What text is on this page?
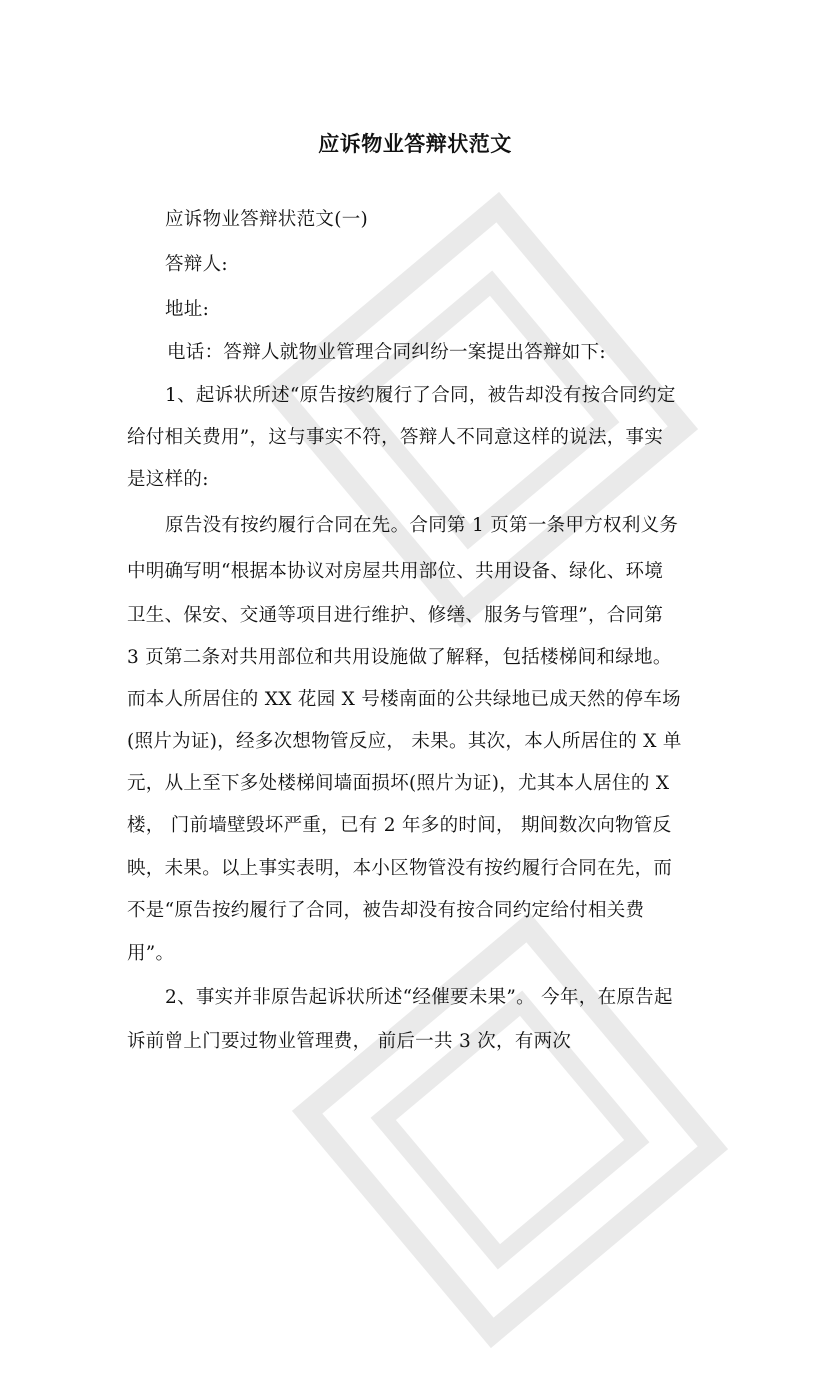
应诉物业答辩状范文
应诉物业答辩状范文(一)
答辩人:
地址:
电话：答辩人就物业管理合同纠纷一案提出答辩如下:
1、起诉状所述“原告按约履行了合同，被告却没有按合同约定
给付相关费用”，这与事实不符，答辩人不同意这样的说法，事实
是这样的:
原告没有按约履行合同在先。合同第 1 页第一条甲方权利义务
中明确写明“根据本协议对房屋共用部位、共用设备、绿化、环境
卫生、保安、交通等项目进行维护、修缮、服务与管理”，合同第
3 页第二条对共用部位和共用设施做了解释，包括楼梯间和绿地。
而本人所居住的 XX 花园 X 号楼南面的公共绿地已成天然的停车场
(照片为证)，经多次想物管反应， 未果。其次，本人所居住的 X 单
元，从上至下多处楼梯间墙面损坏(照片为证)，尤其本人居住的 X
楼， 门前墙壁毁坏严重，已有 2 年多的时间， 期间数次向物管反
映，未果。以上事实表明，本小区物管没有按约履行合同在先，而
不是“原告按约履行了合同，被告却没有按合同约定给付相关费
用”。
2、事实并非原告起诉状所述“经催要未果”。 今年，在原告起
诉前曾上门要过物业管理费， 前后一共 3 次，有两次
